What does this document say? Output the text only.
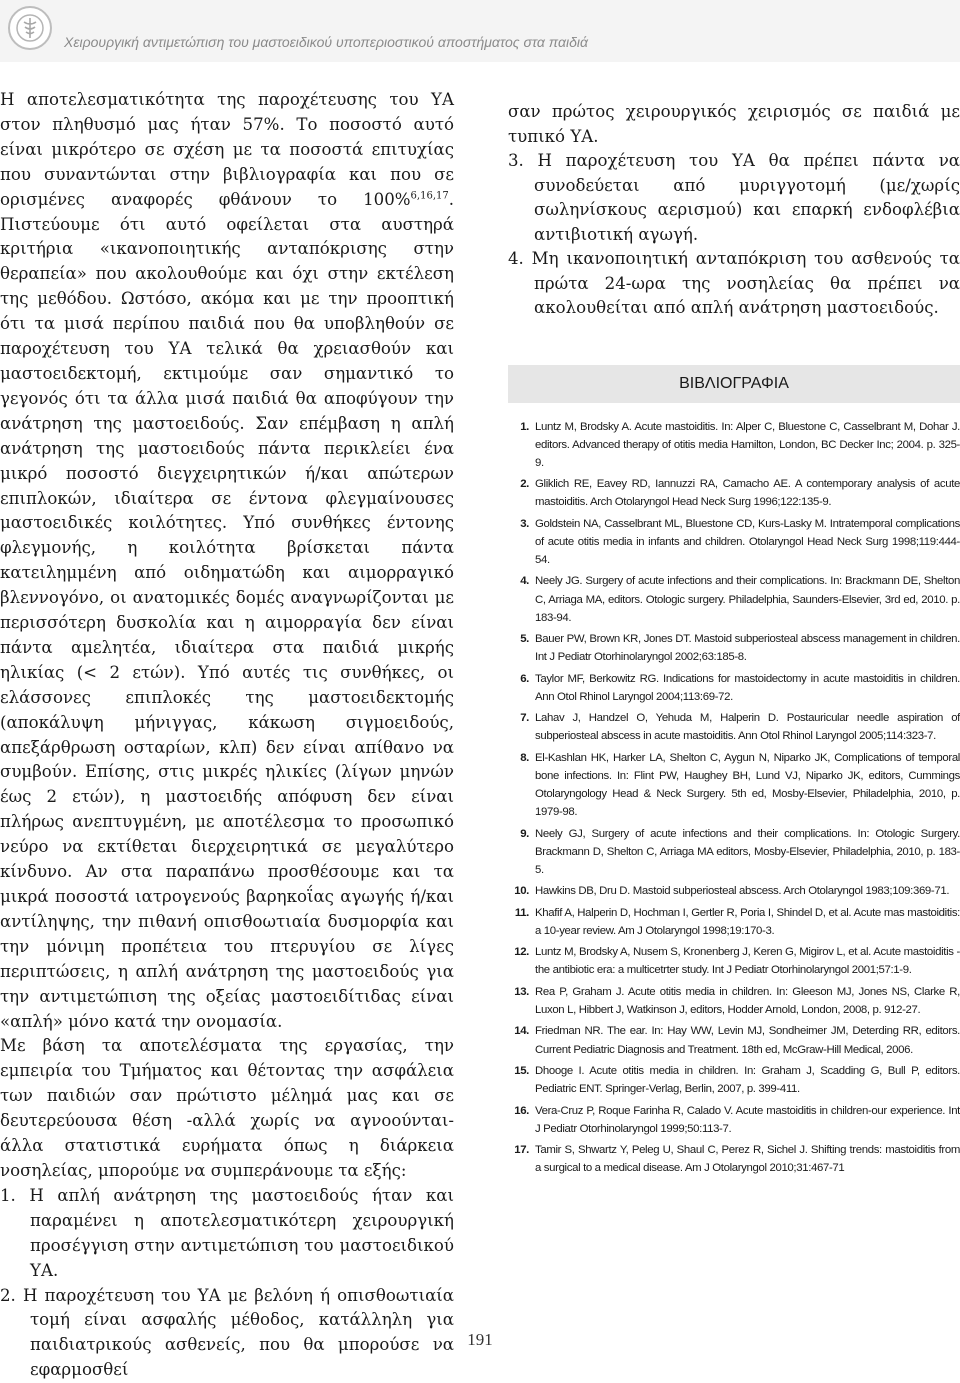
Χειρουργική αντιμετώπιση του μαστοειδικού υποπεριοστικού αποστήματος στα παιδιά

Η αποτελεσματικότητα της παροχέτευσης του ΥΑ στον πληθυσμό μας ήταν 57%. Το ποσοστό αυτό είναι μικρότερο σε σχέση με τα ποσοστά επιτυχίας που συναντώνται στην βιβλιογραφία και που σε ορισμένες αναφορές φθάνουν το 100%$^{6,16,17}$. Πιστεύουμε ότι αυτό οφείλεται στα αυστηρά κριτήρια «ικανοποιητικής ανταπόκρισης στην θεραπεία» που ακολουθούμε και όχι στην εκτέλεση της μεθόδου. Ωστόσο, ακόμα και με την προοπτική ότι τα μισά περίπου παιδιά που θα υποβληθούν σε παροχέτευση του ΥΑ τελικά θα χρειασθούν και μαστοειδεκτομή, εκτιμούμε σαν σημαντικό το γεγονός ότι τα άλλα μισά παιδιά θα αποφύγουν την ανάτρηση της μαστοειδούς. Σαν επέμβαση η απλή ανάτρηση της μαστοειδούς πάντα περικλείει ένα μικρό ποσοστό διεγχειρητικών ή/και απώτερων επιπλοκών, ιδιαίτερα σε έντονα φλεγμαίνουσες μαστοειδικές κοιλότητες. Υπό συνθήκες έντονης φλεγμονής, η κοιλότητα βρίσκεται πάντα κατειλημμένη από οιδηματώδη και αιμορραγικό βλεννογόνο, οι ανατομικές δομές αναγνωρίζονται με περισσότερη δυσκολία και η αιμορραγία δεν είναι πάντα αμελητέα, ιδιαίτερα στα παιδιά μικρής ηλικίας (< 2 ετών). Υπό αυτές τις συνθήκες, οι ελάσσονες επιπλοκές της μαστοειδεκτομής (αποκάλυψη μήνιγγας, κάκωση σιγμοειδούς, απεξάρθρωση οσταρίων, κλπ) δεν είναι απίθανο να συμβούν. Επίσης, στις μικρές ηλικίες (λίγων μηνών έως 2 ετών), η μαστοειδής απόφυση δεν είναι πλήρως ανεπτυγμένη, με αποτέλεσμα το προσωπικό νεύρο να εκτίθεται διερχειρητικά σε μεγαλύτερο κίνδυνο. Αν στα παραπάνω προσθέσουμε και τα μικρά ποσοστά ιατρογενούς βαρηκοΐας αγωγής ή/και αντίληψης, την πιθανή οπισθοωτιαία δυσμορφία και την μόνιμη προπέτεια του πτερυγίου σε λίγες περιπτώσεις, η απλή ανάτρηση της μαστοειδούς για την αντιμετώπιση της οξείας μαστοειδίτιδας είναι «απλή» μόνο κατά την ονομασία.

Με βάση τα αποτελέσματα της εργασίας, την εμπειρία του Τμήματος και θέτοντας την ασφάλεια των παιδιών σαν πρώτιστο μέλημά μας και σε δευτερεύουσα θέση -αλλά χωρίς να αγνοούνται- άλλα στατιστικά ευρήματα όπως η διάρκεια νοσηλείας, μπορούμε να συμπεράνουμε τα εξής:

1. Η απλή ανάτρηση της μαστοειδούς ήταν και παραμένει η αποτελεσματικότερη χειρουργική προσέγγιση στην αντιμετώπιση του μαστοειδικού ΥΑ.
2. Η παροχέτευση του ΥΑ με βελόνη ή οπισθοωτιαία τομή είναι ασφαλής μέθοδος, κατάλληλη για παιδιατρικούς ασθενείς, που θα μπορούσε να εφαρμοσθεί

σαν πρώτος χειρουργικός χειρισμός σε παιδιά με τυπικό ΥΑ.

3. Η παροχέτευση του ΥΑ θα πρέπει πάντα να συνοδεύεται από μυριγγοτομή (με/χωρίς σωληνίσκους αερισμού) και επαρκή ενδοφλέβια αντιβιοτική αγωγή.

4. Μη ικανοποιητική ανταπόκριση του ασθενούς τα πρώτα 24-ωρα της νοσηλείας θα πρέπει να ακολουθείται από απλή ανάτρηση μαστοειδούς.

ΒΙΒΛΙΟΓΡΑΦΙΑ
1. Luntz M, Brodsky A. Acute mastoiditis. In: Alper C, Bluestone C, Casselbrant M, Dohar J. editors. Advanced therapy of otitis media Hamilton, London, BC Decker Inc; 2004. p. 325-9.
2. Gliklich RE, Eavey RD, Iannuzzi RA, Camacho AE. A contemporary analysis of acute mastoiditis. Arch Otolaryngol Head Neck Surg 1996;122:135-9.
3. Goldstein NA, Casselbrant ML, Bluestone CD, Kurs-Lasky M. Intratemporal complications of acute otitis media in infants and children. Otolaryngol Head Neck Surg 1998;119:444-54.
4. Neely JG. Surgery of acute infections and their complications. In: Brackmann DE, Shelton C, Arriaga MA, editors. Otologic surgery. Philadelphia, Saunders-Elsevier, 3rd ed, 2010. p. 183-94.
5. Bauer PW, Brown KR, Jones DT. Mastoid subperiosteal abscess management in children. Int J Pediatr Otorhinolaryngol 2002;63:185-8.
6. Taylor MF, Berkowitz RG. Indications for mastoidectomy in acute mastoiditis in children. Ann Otol Rhinol Laryngol 2004;113:69-72.
7. Lahav J, Handzel O, Yehuda M, Halperin D. Postauricular needle aspiration of subperiosteal abscess in acute mastoiditis. Ann Otol Rhinol Laryngol 2005;114:323-7.
8. El-Kashlan HK, Harker LA, Shelton C, Aygun N, Niparko JK, Complications of temporal bone infections. In: Flint PW, Haughey BH, Lund VJ, Niparko JK, editors, Cummings Otolaryngology Head & Neck Surgery. 5th ed, Mosby-Elsevier, Philadelphia, 2010, p. 1979-98.
9. Neely GJ, Surgery of acute infections and their complications. In: Otologic Surgery. Brackmann D, Shelton C, Arriaga MA editors, Mosby-Elsevier, Philadelphia, 2010, p. 183-5.
10. Hawkins DB, Dru D. Mastoid subperiosteal abscess. Arch Otolaryngol 1983;109:369-71.
11. Khafif A, Halperin D, Hochman I, Gertler R, Poria I, Shindel D, et al. Acute mas mastoiditis: a 10-year review. Am J Otolaryngol 1998;19:170-3.
12. Luntz M, Brodsky A, Nusem S, Kronenberg J, Keren G, Migirov L, et al. Acute mastoiditis - the antibiotic era: a multicetrter study. Int J Pediatr Otorhinolaryngol 2001;57:1-9.
13. Rea P, Graham J. Acute otitis media in children. In: Gleeson MJ, Jones NS, Clarke R, Luxon L, Hibbert J, Watkinson J, editors, Hodder Arnold, London, 2008, p. 912-27.
14. Friedman NR. The ear. In: Hay WW, Levin MJ, Sondheimer JM, Deterding RR, editors. Current Pediatric Diagnosis and Treatment. 18th ed, McGraw-Hill Medical, 2006.
15. Dhooge I. Acute otitis media in children. In: Graham J, Scadding G, Bull P, editors. Pediatric ENT. Springer-Verlag, Berlin, 2007, p. 399-411.
16. Vera-Cruz P, Roque Farinha R, Calado V. Acute mastoiditis in children-our experience. Int J Pediatr Otorhinolaryngol 1999;50:113-7.
17. Tamir S, Shwartz Y, Peleg U, Shaul C, Perez R, Sichel J. Shifting trends: mastoiditis from a surgical to a medical disease. Am J Otolaryngol 2010;31:467-71
191
